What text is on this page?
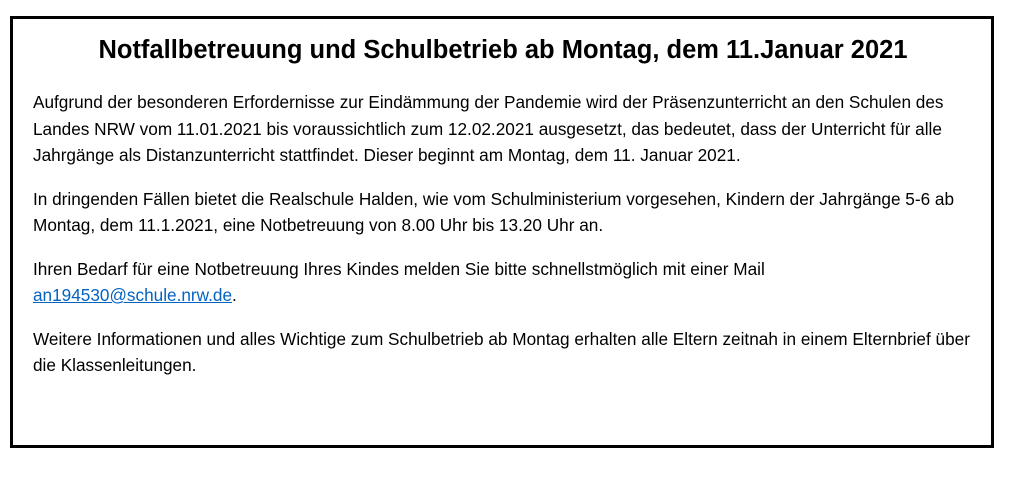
Notfallbetreuung und Schulbetrieb ab Montag, dem 11.Januar 2021

Aufgrund der besonderen Erfordernisse zur Eindämmung der Pandemie wird der Präsenzunterricht an den Schulen des Landes NRW vom 11.01.2021 bis voraussichtlich zum 12.02.2021 ausgesetzt, das bedeutet, dass der Unterricht für alle Jahrgänge als Distanzunterricht stattfindet. Dieser beginnt am Montag, dem 11. Januar 2021.

In dringenden Fällen bietet die Realschule Halden, wie vom Schulministerium vorgesehen, Kindern der Jahrgänge 5-6 ab Montag, dem 11.1.2021, eine Notbetreuung von 8.00 Uhr bis 13.20 Uhr an.

Ihren Bedarf für eine Notbetreuung Ihres Kindes melden Sie bitte schnellstmöglich mit einer Mail
an194530@schule.nrw.de.

Weitere Informationen und alles Wichtige zum Schulbetrieb ab Montag erhalten alle Eltern zeitnah in einem Elternbrief über die Klassenleitungen.
